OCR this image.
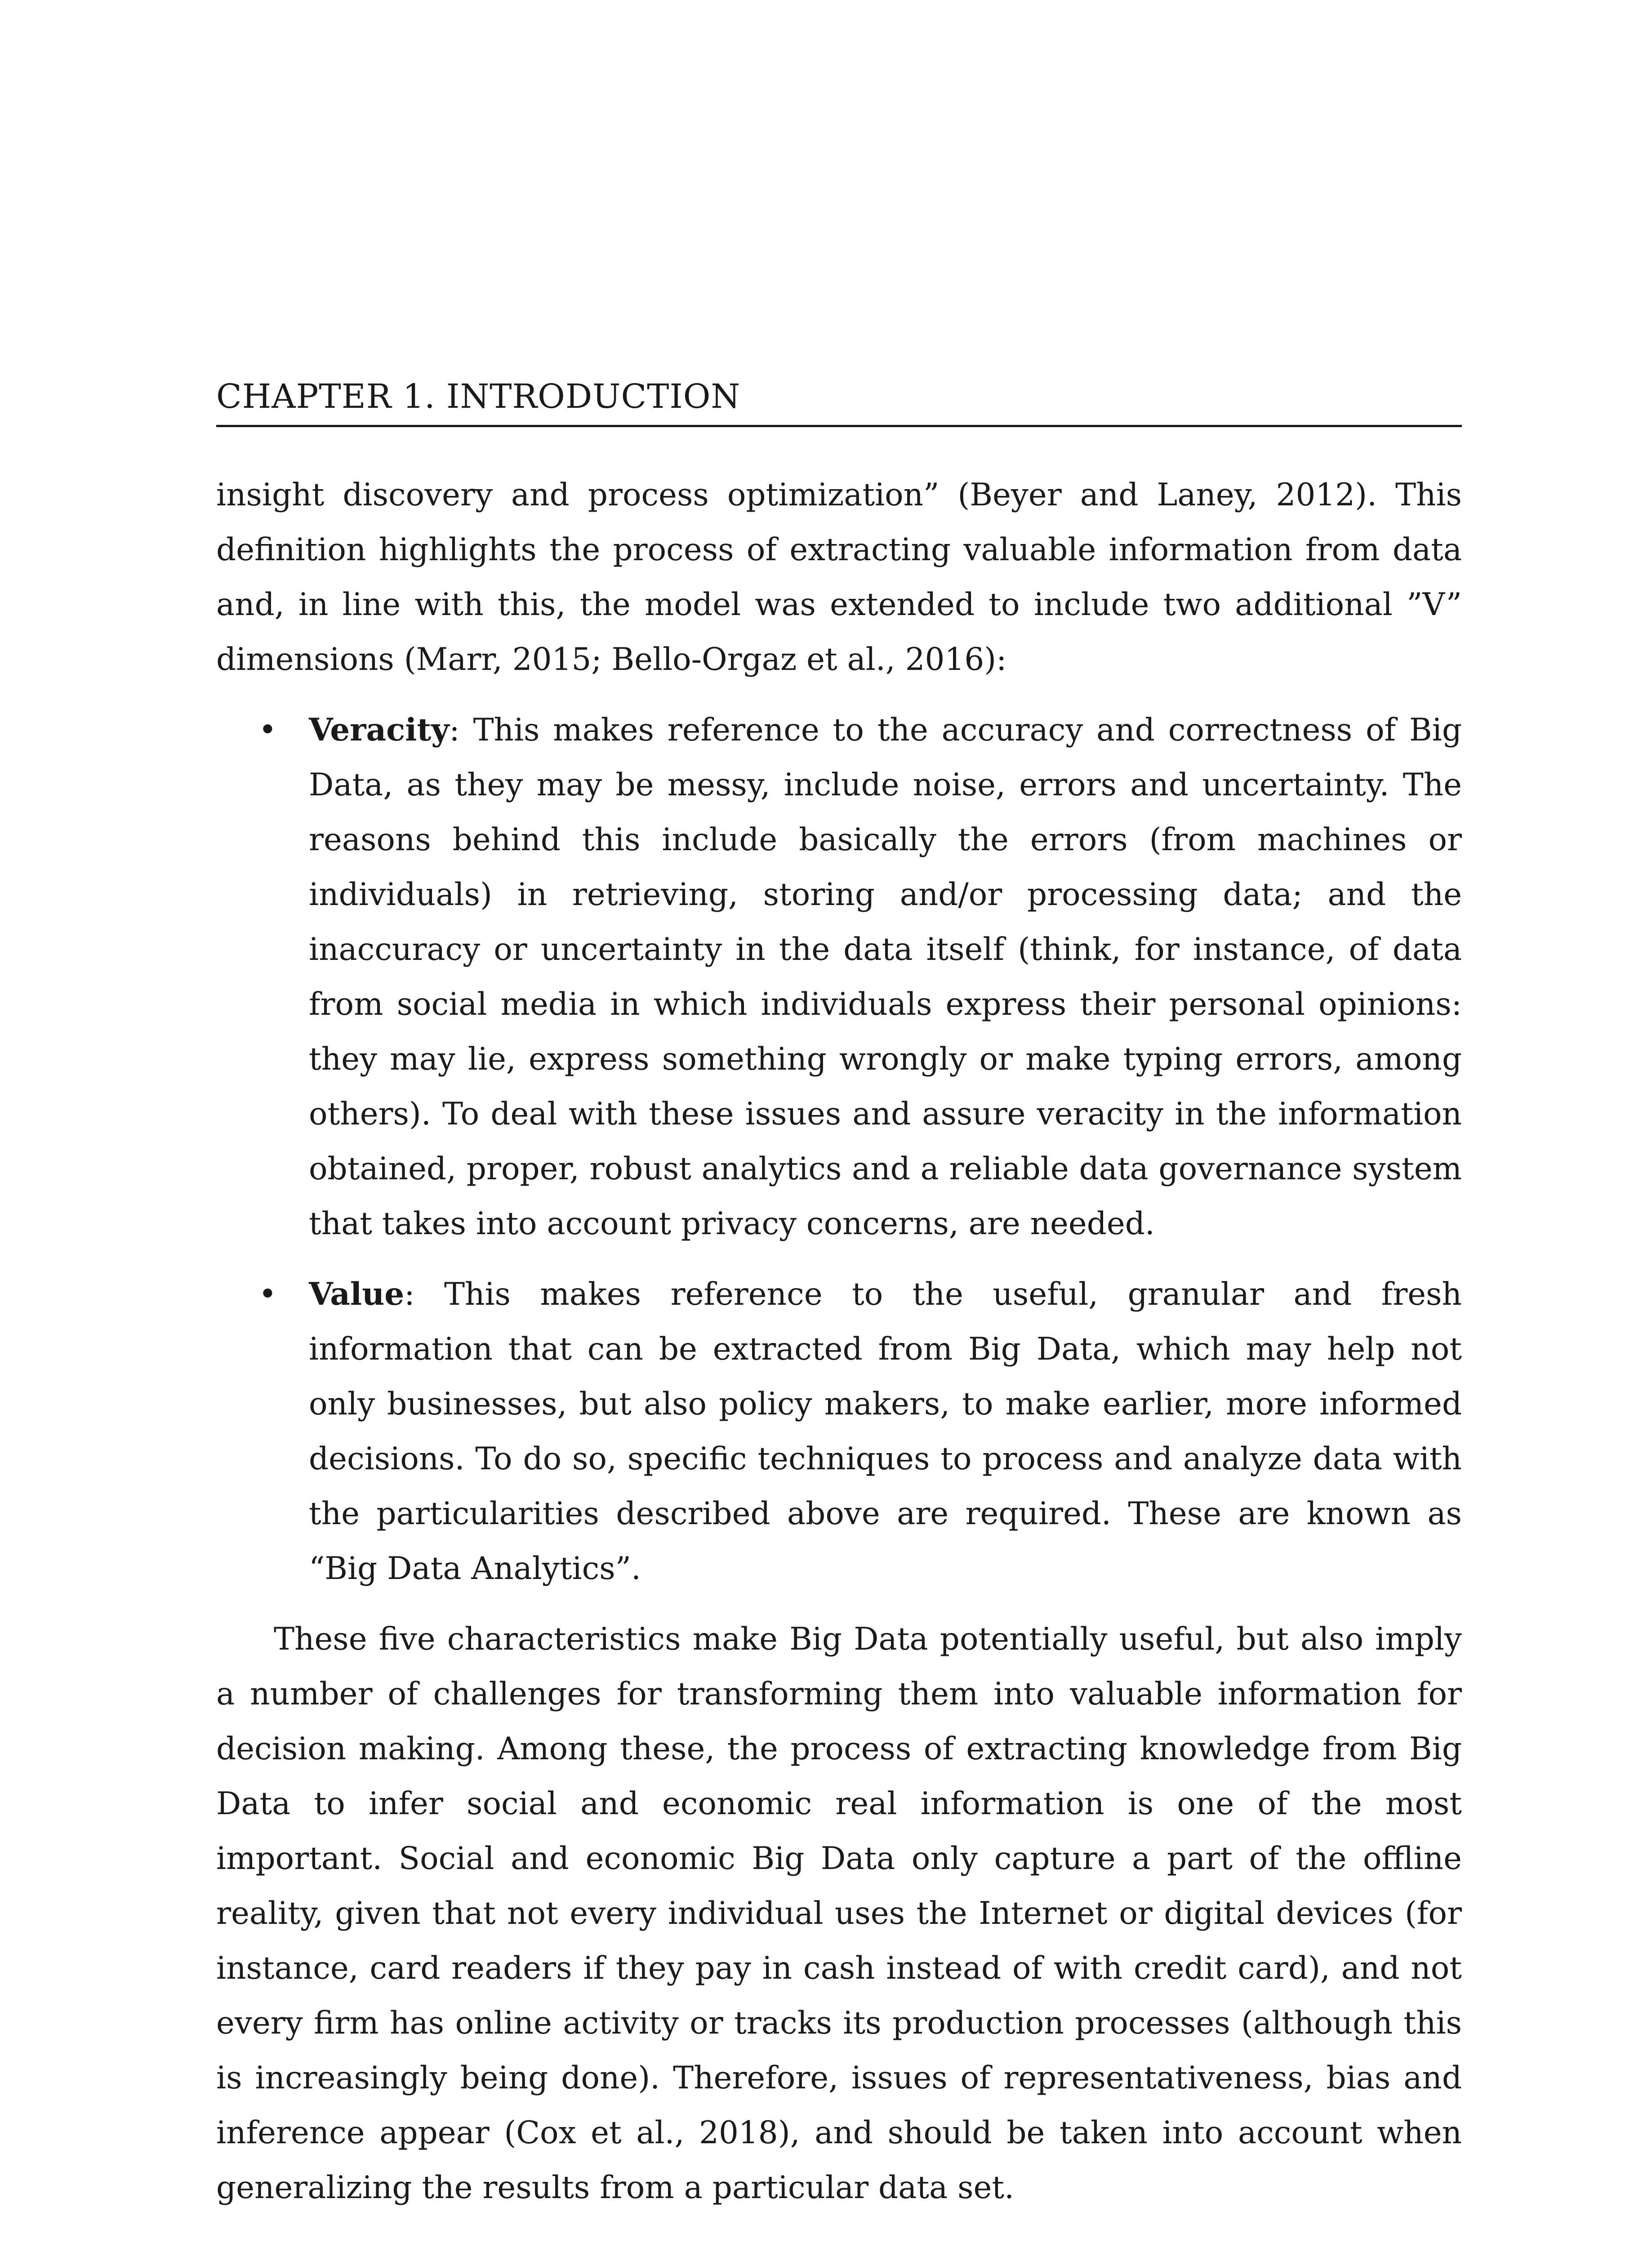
CHAPTER 1. INTRODUCTION

insight discovery and process optimization” (Beyer and Laney, 2012). This definition highlights the process of extracting valuable information from data and, in line with this, the model was extended to include two additional ”V” dimensions (Marr, 2015; Bello-Orgaz et al., 2016):

• Veracity: This makes reference to the accuracy and correctness of Big Data, as they may be messy, include noise, errors and uncertainty. The reasons behind this include basically the errors (from machines or individuals) in retrieving, storing and/or processing data; and the inaccuracy or uncertainty in the data itself (think, for instance, of data from social media in which individuals express their personal opinions: they may lie, express something wrongly or make typing errors, among others). To deal with these issues and assure veracity in the information obtained, proper, robust analytics and a reliable data governance system that takes into account privacy concerns, are needed.
• Value: This makes reference to the useful, granular and fresh information that can be extracted from Big Data, which may help not only businesses, but also policy makers, to make earlier, more informed decisions. To do so, specific techniques to process and analyze data with the particularities described above are required. These are known as “Big Data Analytics”.

These five characteristics make Big Data potentially useful, but also imply a number of challenges for transforming them into valuable information for decision making. Among these, the process of extracting knowledge from Big Data to infer social and economic real information is one of the most important. Social and economic Big Data only capture a part of the offline reality, given that not every individual uses the Internet or digital devices (for instance, card readers if they pay in cash instead of with credit card), and not every firm has online activity or tracks its production processes (although this is increasingly being done). Therefore, issues of representativeness, bias and inference appear (Cox et al., 2018), and should be taken into account when generalizing the results from a particular data set.
